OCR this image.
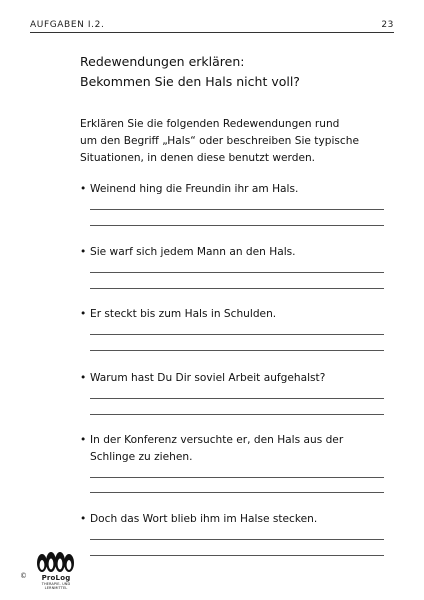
AUFGABEN I.2.	23
Redewendungen erklären:
Bekommen Sie den Hals nicht voll?
Erklären Sie die folgenden Redewendungen rund
um den Begriff „Hals“ oder beschreiben Sie typische
Situationen, in denen diese benutzt werden.
• Weinend hing die Freundin ihr am Hals.
• Sie warf sich jedem Mann an den Hals.
• Er steckt bis zum Hals in Schulden.
• Warum hast Du Dir soviel Arbeit aufgehalst?
• In der Konferenz versuchte er, den Hals aus der
Schlinge zu ziehen.
• Doch das Wort blieb ihm im Halse stecken.
©	ProLog
THERAPIE- UND
LERNMITTEL
